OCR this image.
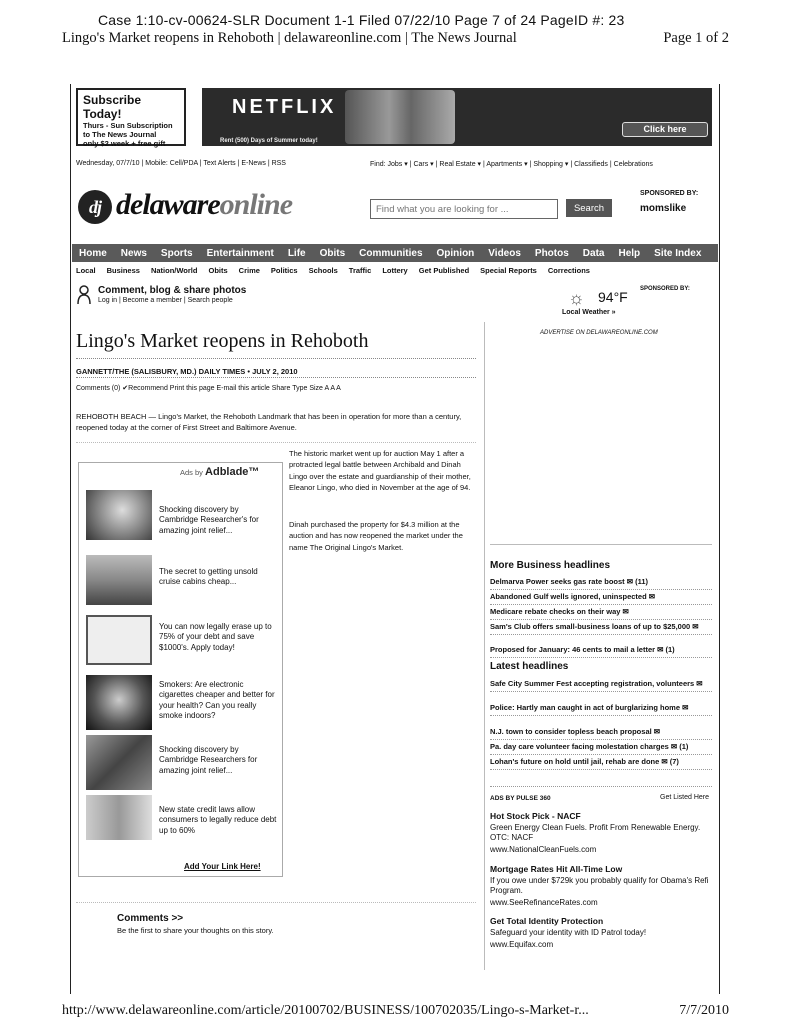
Case 1:10-cv-00624-SLR Document 1-1 Filed 07/22/10 Page 7 of 24 PageID #: 23
Lingo's Market reopens in Rehoboth | delawareonline.com | The News Journal	Page 1 of 2
Subscribe Today!
Thurs - Sun Subscription
to The News Journal
only $2 week + free gift
NETFLIX
Rent (500) Days of Summer today!
Click here
Wednesday, 07/7/10 | Mobile: Cell/PDA | Text Alerts | E-News | RSS	Find: Jobs ▾ | Cars ▾ | Real Estate ▾ | Apartments ▾ | Shopping ▾ | Classifieds | Celebrations
dj delawareonline
Find what you are looking for ...	Search
SPONSORED BY:
momslike
Home	News	Sports	Entertainment	Life	Obits	Communities	Opinion	Videos	Photos	Data	Help	Site Index
Local Business Nation/World Obits Crime Politics Schools Traffic Lottery Get Published Special Reports Corrections
Comment, blog & share photos
Log in | Become a member | Search people	☼ 94°F
Local Weather »
SPONSORED BY:
Lingo's Market reopens in Rehoboth
GANNETT/THE (SALISBURY, MD.) DAILY TIMES • JULY 2, 2010
Comments (0) ✔Recommend Print this page E-mail this article Share Type Size A A A
REHOBOTH BEACH — Lingo's Market, the Rehoboth Landmark that has been in operation for more than a century, reopened today at the corner of First Street and Baltimore Avenue.
The historic market went up for auction May 1 after a protracted legal battle between Archibald and Dinah Lingo over the estate and guardianship of their mother, Eleanor Lingo, who died in November at the age of 94.
Dinah purchased the property for $4.3 million at the auction and has now reopened the market under the name The Original Lingo's Market.
Ads by Adblade™
Shocking discovery by Cambridge Researcher's for amazing joint relief...
The secret to getting unsold cruise cabins cheap...
You can now legally erase up to 75% of your debt and save $1000's. Apply today!
Smokers: Are electronic cigarettes cheaper and better for your health? Can you really smoke indoors?
Shocking discovery by Cambridge Researchers for amazing joint relief...
New state credit laws allow consumers to legally reduce debt up to 60%
Add Your Link Here!
Comments >>
Be the first to share your thoughts on this story.
ADVERTISE ON DELAWAREONLINE.COM
More Business headlines
Delmarva Power seeks gas rate boost ✉ (11)
Abandoned Gulf wells ignored, uninspected ✉
Medicare rebate checks on their way ✉
Sam's Club offers small-business loans of up to $25,000 ✉
Proposed for January: 46 cents to mail a letter ✉ (1)
Latest headlines
Safe City Summer Fest accepting registration, volunteers ✉
Police: Hartly man caught in act of burglarizing home ✉
N.J. town to consider topless beach proposal ✉
Pa. day care volunteer facing molestation charges ✉ (1)
Lohan's future on hold until jail, rehab are done ✉ (7)
ADS BY PULSE 360	Get Listed Here
Hot Stock Pick - NACF
Green Energy Clean Fuels. Profit From Renewable Energy. OTC: NACF
www.NationalCleanFuels.com
Mortgage Rates Hit All-Time Low
If you owe under $729k you probably qualify for Obama's Refi Program.
www.SeeRefinanceRates.com
Get Total Identity Protection
Safeguard your identity with ID Patrol today!
www.Equifax.com
http://www.delawareonline.com/article/20100702/BUSINESS/100702035/Lingo-s-Market-r...	7/7/2010
